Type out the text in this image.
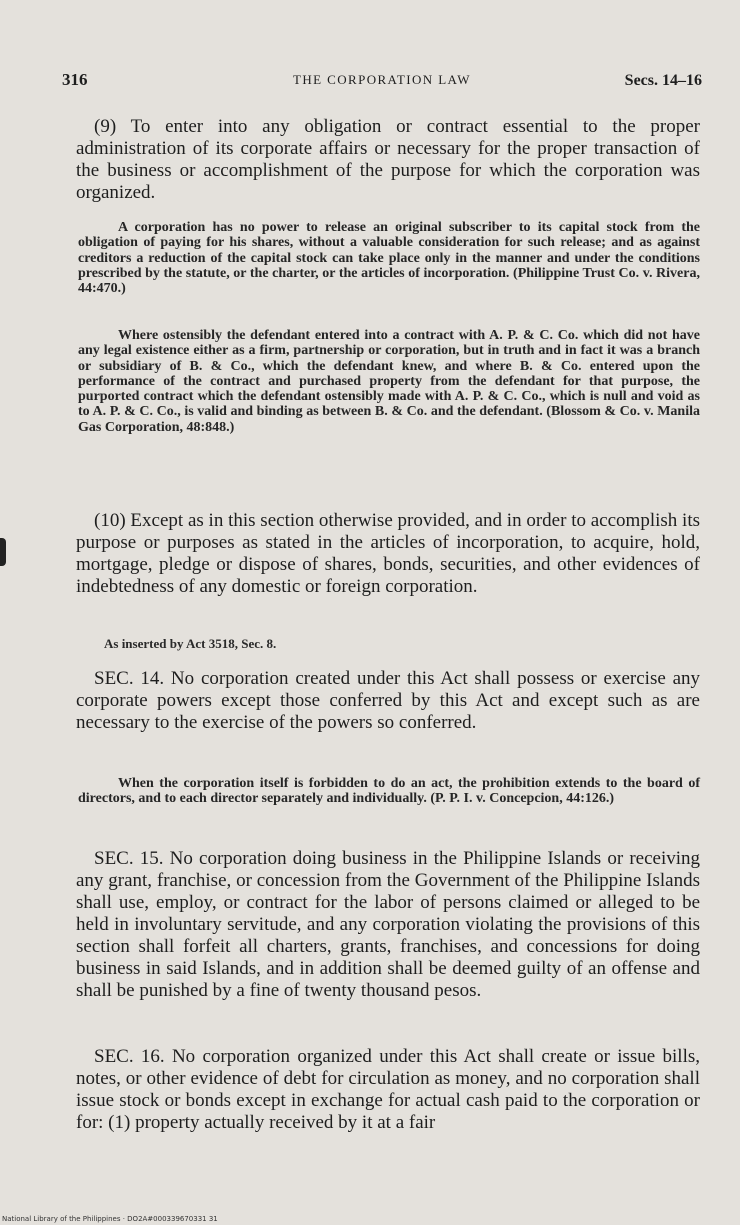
316	THE CORPORATION LAW	Secs. 14–16

(9) To enter into any obligation or contract essential to the proper administration of its corporate affairs or necessary for the proper transaction of the business or accomplishment of the purpose for which the corporation was organized.

A corporation has no power to release an original subscriber to its capital stock from the obligation of paying for his shares, without a valuable consideration for such release; and as against creditors a reduction of the capital stock can take place only in the manner and under the conditions prescribed by the statute, or the charter, or the articles of incorporation. (Philippine Trust Co. v. Rivera, 44:470.)

Where ostensibly the defendant entered into a contract with A. P. & C. Co. which did not have any legal existence either as a firm, partnership or corporation, but in truth and in fact it was a branch or subsidiary of B. & Co., which the defendant knew, and where B. & Co. entered upon the performance of the contract and purchased property from the defendant for that purpose, the purported contract which the defendant ostensibly made with A. P. & C. Co., which is null and void as to A. P. & C. Co., is valid and binding as between B. & Co. and the defendant. (Blossom & Co. v. Manila Gas Corporation, 48:848.)

(10) Except as in this section otherwise provided, and in order to accomplish its purpose or purposes as stated in the articles of incorporation, to acquire, hold, mortgage, pledge or dispose of shares, bonds, securities, and other evidences of indebtedness of any domestic or foreign corporation.

As inserted by Act 3518, Sec. 8.

SEC. 14. No corporation created under this Act shall possess or exercise any corporate powers except those conferred by this Act and except such as are necessary to the exercise of the powers so conferred.

When the corporation itself is forbidden to do an act, the prohibition extends to the board of directors, and to each director separately and individually. (P. P. I. v. Concepcion, 44:126.)

SEC. 15. No corporation doing business in the Philippine Islands or receiving any grant, franchise, or concession from the Government of the Philippine Islands shall use, employ, or contract for the labor of persons claimed or alleged to be held in involuntary servitude, and any corporation violating the provisions of this section shall forfeit all charters, grants, franchises, and concessions for doing business in said Islands, and in addition shall be deemed guilty of an offense and shall be punished by a fine of twenty thousand pesos.

SEC. 16. No corporation organized under this Act shall create or issue bills, notes, or other evidence of debt for circulation as money, and no corporation shall issue stock or bonds except in exchange for actual cash paid to the corporation or for: (1) property actually received by it at a fair

National Library of the Philippines · DO2A#000339670331 31
